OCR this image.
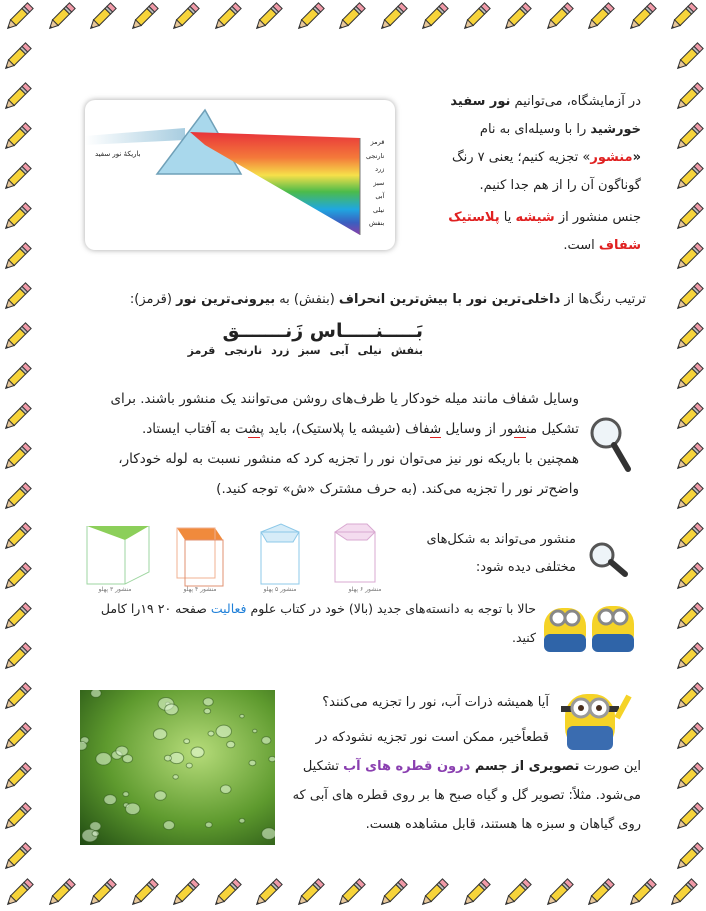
باریکهٔ نور سفید
قرمز
نارنجی
زرد
سبز
آبی
نیلی
بنفش
در آزمایشگاه، می‌توانیم نور سفید
خورشید را با وسیله‌ای به نام
«منشور» تجزیه کنیم؛ یعنی ۷ رنگ
گوناگون آن را از هم جدا کنیم.
جنس منشور از شیشه یا پلاستیک
شفاف است.
ترتیب رنگ‌ها از داخلی‌ترین نور با بیش‌ترین انحراف (بنفش) به بیرونی‌ترین نور (قرمز):
بَـــــنـــــاس زَنـــــــق
بنفش
نیلی
آبی
سبز
زرد
نارنجی
قرمز
وسایل شفاف مانند میله خودکار یا ظرف‌های روشن می‌توانند یک منشور باشند. برای
تشکیل منشور از وسایل شفاف (شیشه یا پلاستیک)، باید پشت به آفتاب ایستاد.
همچنین با باریکه نور نیز می‌توان نور را تجزیه کرد که منشور نسبت به لوله خودکار،
واضح‌تر نور را تجزیه می‌کند. (به حرف مشترک «ش» توجه کنید.)
منشور می‌تواند به شکل‌های
مختلفی دیده شود:
حالا با توجه به دانسته‌های جدید (بالا) خود در کتاب علوم فعالیت صفحه ۲۰ ۱۹را کامل
کنید.
آیا همیشه ذرات آب، نور را تجزیه می‌کنند؟
قطعاًخیر، ممکن است نور تجزیه نشودکه در
این صورت تصویری از جسم درون قطره های آب تشکیل
می‌شود. مثلاً: تصویر گل و گیاه صبح ها بر روی قطره های آبی که
روی گیاهان و سبزه ها هستند، قابل مشاهده هست.
منشور ۳ پهلو	منشور ۴ پهلو	منشور ۵ پهلو	منشور ۶ پهلو
